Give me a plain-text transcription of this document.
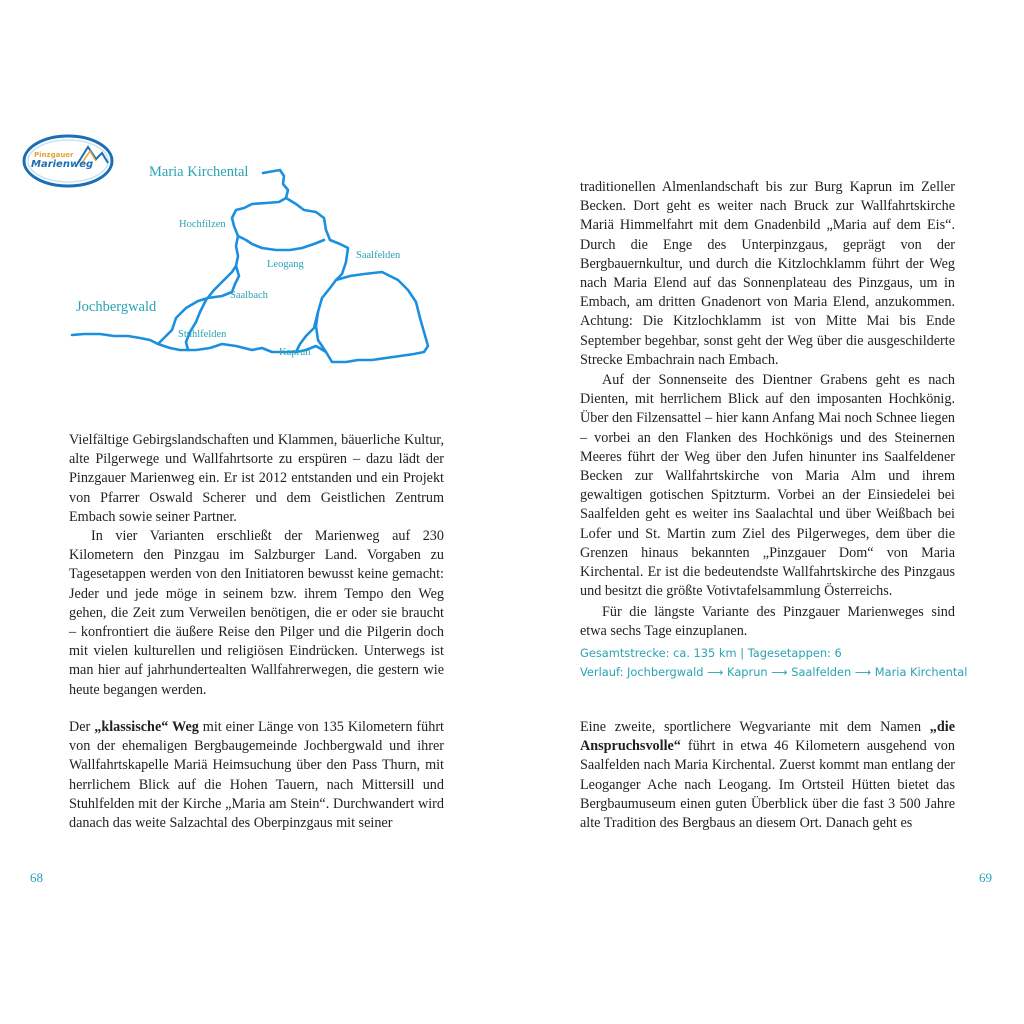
Pinzgauer
Marienweg	Maria Kirchental
Hochfilzen
Leogang
Saalfelden
Saalbach
Jochbergwald
Stuhlfelden
Kaprun

Vielfältige Gebirgslandschaften und Klammen, bäuerliche Kultur, alte Pilgerwege und Wallfahrtsorte zu erspüren – dazu lädt der Pinzgauer Marienweg ein. Er ist 2012 entstanden und ein Projekt von Pfarrer Oswald Scherer und dem Geistlichen Zentrum Embach sowie seiner Partner.

In vier Varianten erschließt der Marienweg auf 230 Kilometern den Pinzgau im Salzburger Land. Vorgaben zu Tagesetappen werden von den Initiatoren bewusst keine gemacht: Jeder und jede möge in seinem bzw. ihrem Tempo den Weg gehen, die Zeit zum Verweilen benötigen, die er oder sie braucht – konfrontiert die äußere Reise den Pilger und die Pilgerin doch mit vielen kulturellen und religiösen Eindrücken. Unterwegs ist man hier auf jahrhundertealten Wallfahrerwegen, die gestern wie heute begangen werden.

Der „klassische“ Weg mit einer Länge von 135 Kilometern führt von der ehemaligen Bergbaugemeinde Jochbergwald und ihrer Wallfahrtskapelle Mariä Heimsuchung über den Pass Thurn, mit herrlichem Blick auf die Hohen Tauern, nach Mittersill und Stuhlfelden mit der Kirche „Maria am Stein“. Durchwandert wird danach das weite Salzachtal des Oberpinzgaus mit seiner

68

traditionellen Almenlandschaft bis zur Burg Kaprun im Zeller Becken. Dort geht es weiter nach Bruck zur Wallfahrtskirche Mariä Himmelfahrt mit dem Gnadenbild „Maria auf dem Eis“. Durch die Enge des Unterpinzgaus, geprägt von der Bergbauernkultur, und durch die Kitzlochklamm führt der Weg nach Maria Elend auf das Sonnenplateau des Pinzgaus, um in Embach, am dritten Gnadenort von Maria Elend, anzukommen. Achtung: Die Kitzlochklamm ist von Mitte Mai bis Ende September begehbar, sonst geht der Weg über die ausgeschilderte Strecke Embachrain nach Embach.

Auf der Sonnenseite des Dientner Grabens geht es nach Dienten, mit herrlichem Blick auf den imposanten Hochkönig. Über den Filzensattel – hier kann Anfang Mai noch Schnee liegen – vorbei an den Flanken des Hochkönigs und des Steinernen Meeres führt der Weg über den Jufen hinunter ins Saalfeldener Becken zur Wallfahrtskirche von Maria Alm und ihrem gewaltigen gotischen Spitzturm. Vorbei an der Einsiedelei bei Saalfelden geht es weiter ins Saalachtal und über Weißbach bei Lofer und St. Martin zum Ziel des Pilgerweges, dem über die Grenzen hinaus bekannten „Pinzgauer Dom“ von Maria Kirchental. Er ist die bedeutendste Wallfahrtskirche des Pinzgaus und besitzt die größte Votivtafelsammlung Österreichs.

Für die längste Variante des Pinzgauer Marienweges sind etwa sechs Tage einzuplanen.

Gesamtstrecke: ca. 135 km | Tagesetappen: 6
Verlauf: Jochbergwald ⟶ Kaprun ⟶ Saalfelden ⟶ Maria Kirchental

Eine zweite, sportlichere Wegvariante mit dem Namen „die Anspruchsvolle“ führt in etwa 46 Kilometern ausgehend von Saalfelden nach Maria Kirchental. Zuerst kommt man entlang der Leoganger Ache nach Leogang. Im Ortsteil Hütten bietet das Bergbaumuseum einen guten Überblick über die fast 3 500 Jahre alte Tradition des Bergbaus an diesem Ort. Danach geht es

69
